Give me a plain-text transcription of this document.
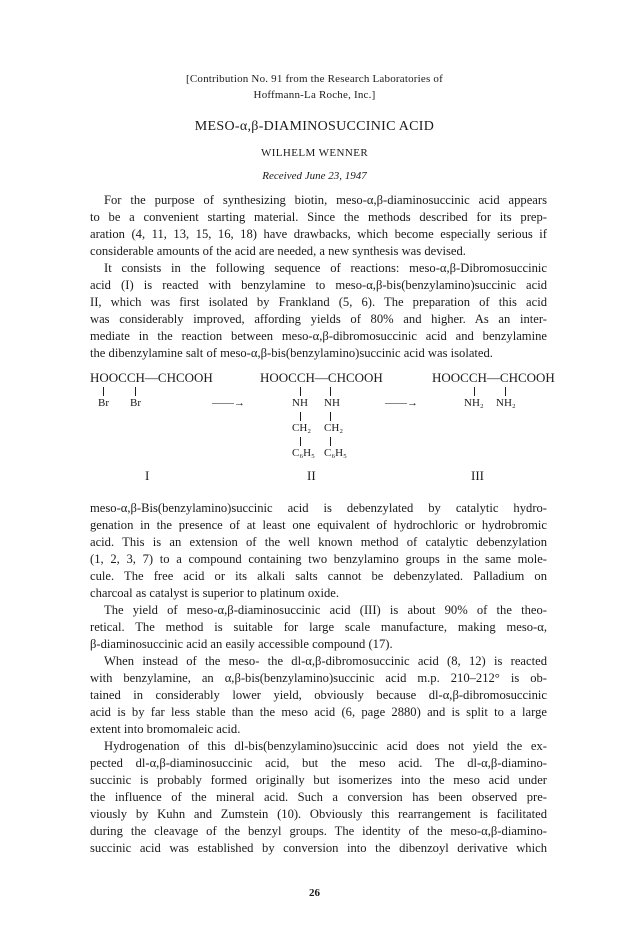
[Contribution No. 91 from the Research Laboratories of
Hoffmann-La Roche, Inc.]
MESO-α,β-DIAMINOSUCCINIC ACID
WILHELM WENNER
Received June 23, 1947
For the purpose of synthesizing biotin, meso-α,β-diaminosuccinic acid appears
to be a convenient starting material. Since the methods described for its prep-
aration (4, 11, 13, 15, 16, 18) have drawbacks, which become especially serious if
considerable amounts of the acid are needed, a new synthesis was devised.
It consists in the following sequence of reactions: meso-α,β-Dibromosuccinic
acid (I) is reacted with benzylamine to meso-α,β-bis(benzylamino)succinic acid
II, which was first isolated by Frankland (5, 6). The preparation of this acid
was considerably improved, affording yields of 80% and higher. As an inter-
mediate in the reaction between meso-α,β-dibromosuccinic acid and benzylamine
the dibenzylamine salt of meso-α,β-bis(benzylamino)succinic acid was isolated.
HOOCCH—CHCOOH
Br Br	——→
HOOCCH—CHCOOH
NH NH
CH₂ CH₂
C₆H₅ C₆H₅
——→
HOOCCH—CHCOOH
NH₂ NH₂
I	II	III
meso-α,β-Bis(benzylamino)succinic acid is debenzylated by catalytic hydro-
genation in the presence of at least one equivalent of hydrochloric or hydrobromic
acid. This is an extension of the well known method of catalytic debenzylation
(1, 2, 3, 7) to a compound containing two benzylamino groups in the same mole-
cule. The free acid or its alkali salts cannot be debenzylated. Palladium on
charcoal as catalyst is superior to platinum oxide.
The yield of meso-α,β-diaminosuccinic acid (III) is about 90% of the theo-
retical. The method is suitable for large scale manufacture, making meso-α,
β-diaminosuccinic acid an easily accessible compound (17).
When instead of the meso- the dl-α,β-dibromosuccinic acid (8, 12) is reacted
with benzylamine, an α,β-bis(benzylamino)succinic acid m.p. 210–212° is ob-
tained in considerably lower yield, obviously because dl-α,β-dibromosuccinic
acid is by far less stable than the meso acid (6, page 2880) and is split to a large
extent into bromomaleic acid.
Hydrogenation of this dl-bis(benzylamino)succinic acid does not yield the ex-
pected dl-α,β-diaminosuccinic acid, but the meso acid. The dl-α,β-diamino-
succinic is probably formed originally but isomerizes into the meso acid under
the influence of the mineral acid. Such a conversion has been observed pre-
viously by Kuhn and Zumstein (10). Obviously this rearrangement is facilitated
during the cleavage of the benzyl groups. The identity of the meso-α,β-diamino-
succinic acid was established by conversion into the dibenzoyl derivative which
26
